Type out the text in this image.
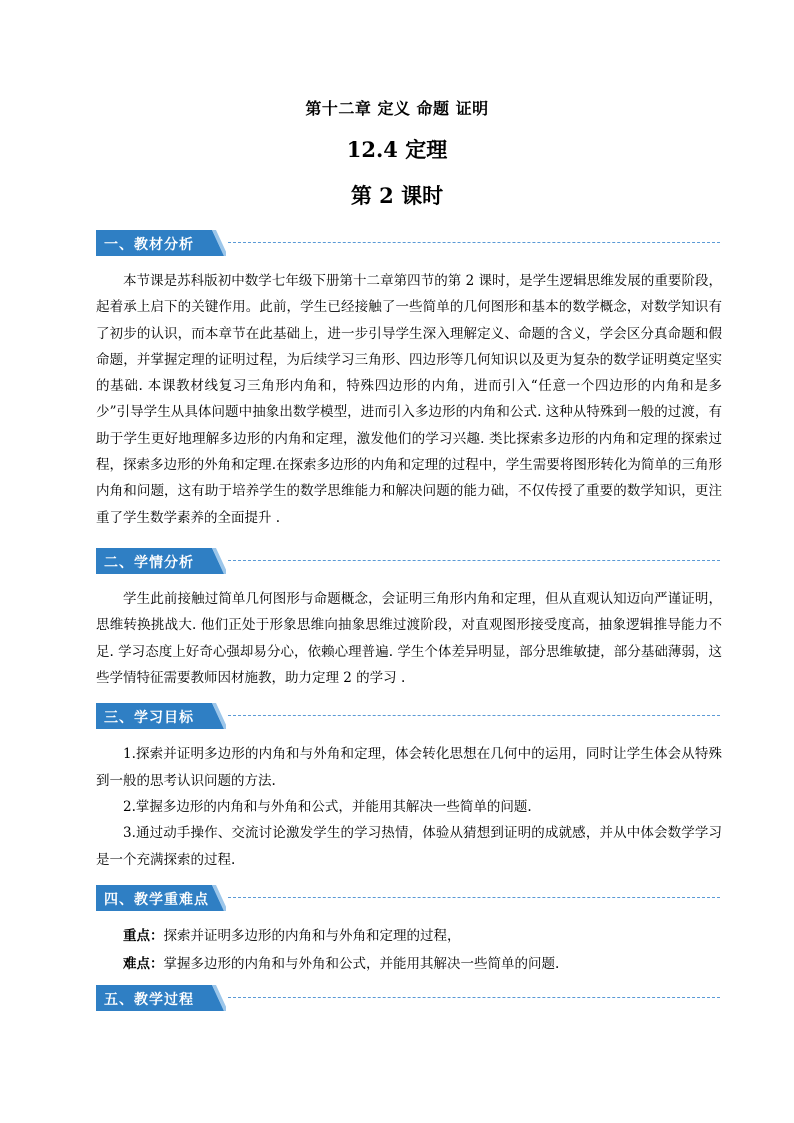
第十二章 定义 命题 证明
12.4 定理
第 2 课时
一、教材分析
本节课是苏科版初中数学七年级下册第十二章第四节的第 2 课时，是学生逻辑思维发展的重要阶段，起着承上启下的关键作用。此前，学生已经接触了一些简单的几何图形和基本的数学概念，对数学知识有了初步的认识，而本章节在此基础上，进一步引导学生深入理解定义、命题的含义，学会区分真命题和假命题，并掌握定理的证明过程，为后续学习三角形、四边形等几何知识以及更为复杂的数学证明奠定坚实的基础. 本课教材线复习三角形内角和，特殊四边形的内角，进而引入“任意一个四边形的内角和是多少”引导学生从具体问题中抽象出数学模型，进而引入多边形的内角和公式. 这种从特殊到一般的过渡，有助于学生更好地理解多边形的内角和定理，激发他们的学习兴趣. 类比探索多边形的内角和定理的探索过程，探索多边形的外角和定理.在探索多边形的内角和定理的过程中，学生需要将图形转化为简单的三角形内角和问题，这有助于培养学生的数学思维能力和解决问题的能力础，不仅传授了重要的数学知识，更注重了学生数学素养的全面提升 .
二、学情分析
学生此前接触过简单几何图形与命题概念，会证明三角形内角和定理，但从直观认知迈向严谨证明，思维转换挑战大. 他们正处于形象思维向抽象思维过渡阶段，对直观图形接受度高，抽象逻辑推导能力不足. 学习态度上好奇心强却易分心，依赖心理普遍. 学生个体差异明显，部分思维敏捷，部分基础薄弱，这些学情特征需要教师因材施教，助力定理 2 的学习 .
三、学习目标
1.探索并证明多边形的内角和与外角和定理，体会转化思想在几何中的运用，同时让学生体会从特殊到一般的思考认识问题的方法.
2.掌握多边形的内角和与外角和公式，并能用其解决一些简单的问题.
3.通过动手操作、交流讨论激发学生的学习热情，体验从猜想到证明的成就感，并从中体会数学学习是一个充满探索的过程.
四、教学重难点
重点：探索并证明多边形的内角和与外角和定理的过程，
难点：掌握多边形的内角和与外角和公式，并能用其解决一些简单的问题.
五、教学过程
